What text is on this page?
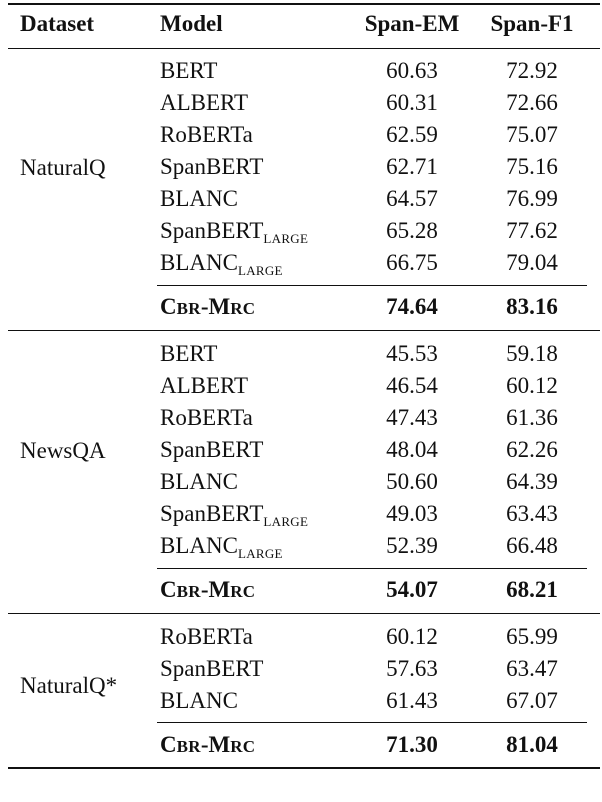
Dataset	Model	Span-EM	Span-F1
NaturalQ
BERT	60.63	72.92
ALBERT	60.31	72.66
RoBERTa	62.59	75.07
SpanBERT	62.71	75.16
BLANC	64.57	76.99
SpanBERT$_{LARGE}$	65.28	77.62
$BLANC_{LARGE}$	66.75	79.04
CBR-MRC	74.64	83.16
NewsQA
BERT	45.53	59.18
ALBERT	46.54	60.12
RoBERTa	47.43	61.36
SpanBERT	48.04	62.26
BLANC	50.60	64.39
SpanBERT$_{LARGE}$	49.03	63.43
$BLANC_{LARGE}$	52.39	66.48
CBR-MRC	54.07	68.21
NaturalQ*
RoBERTa	60.12	65.99
SpanBERT	57.63	63.47
BLANC	61.43	67.07
CBR-MRC	71.30	81.04
